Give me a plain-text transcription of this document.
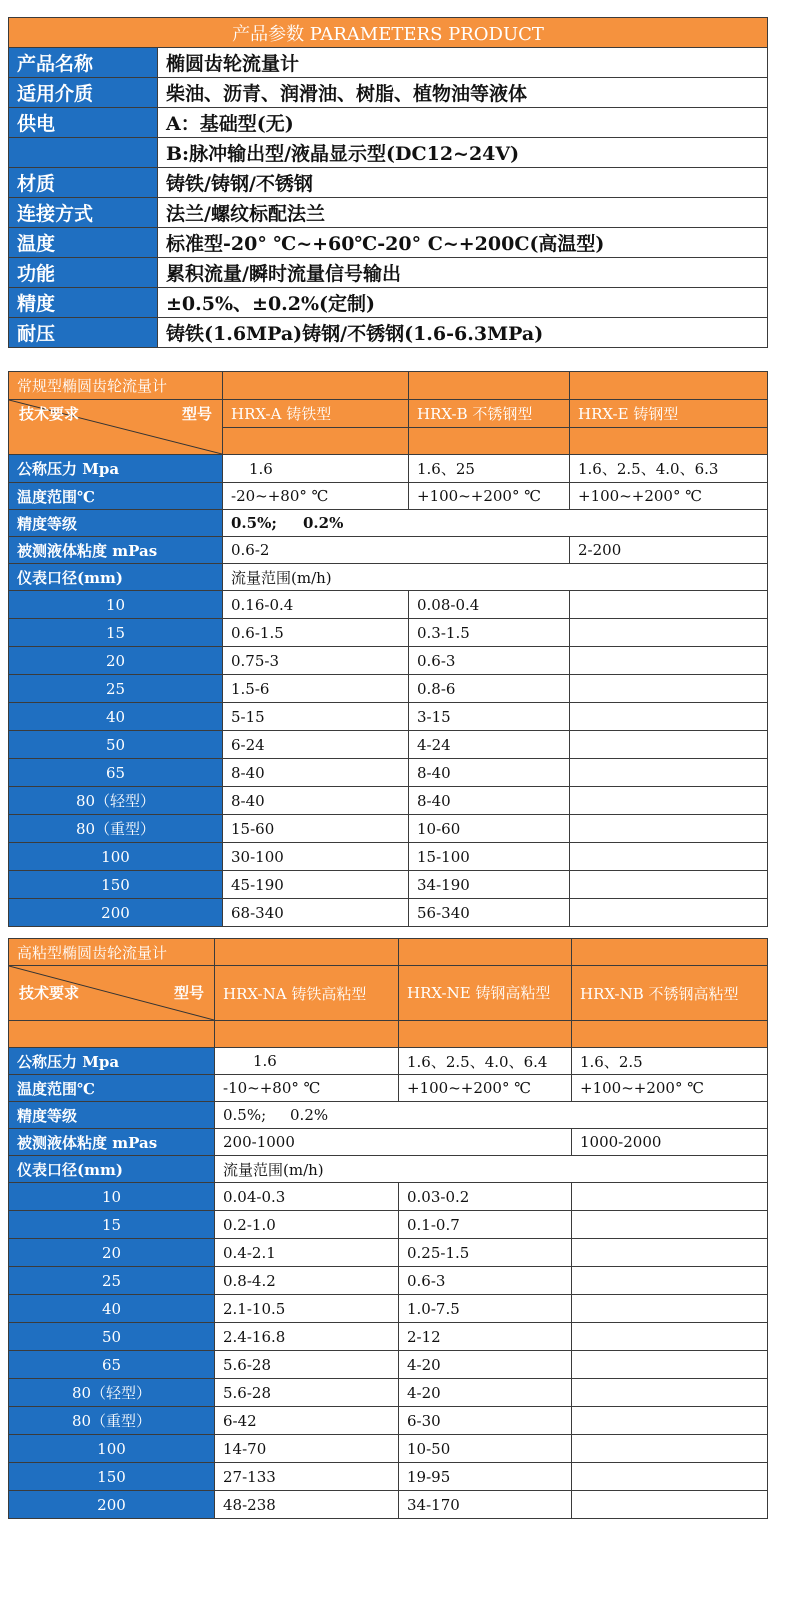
产品参数 PARAMETERS PRODUCT	
产品名称	椭圆齿轮流量计
适用介质	柴油、沥青、润滑油、树脂、植物油等液体
供电	A：基础型(无)
	B:脉冲输出型/液晶显示型(DC12~24V)
材质	铸铁/铸钢/不锈钢
连接方式	法兰/螺纹标配法兰
温度	标准型-20° ℃~+60℃-20° C~+200C(高温型)
功能	累积流量/瞬时流量信号输出
精度	±0.5%、±0.2%(定制)
耐压	铸铁(1.6MPa)铸钢/不锈钢(1.6-6.3MPa)
常规型椭圆齿轮流量计			

技术要求 型号	HRX-A 铸铁型	HRX-B 不锈钢型	HRX-E 铸钢型

公称压力 Mpa	1.6	1.6、25	1.6、2.5、4.0、6.3
温度范围℃	-20~+80° ℃	+100~+200° ℃	+100~+200° ℃
精度等级	0.5%;     0.2%		
被测液体粘度 mPas	0.6-2		2-200
仪表口径(mm)	流量范围(m/h)		
10	0.16-0.4	0.08-0.4	
15	0.6-1.5	0.3-1.5	
20	0.75-3	0.6-3	
25	1.5-6	0.8-6	
40	5-15	3-15	
50	6-24	4-24	
65	8-40	8-40	
80（轻型）	8-40	8-40	
80（重型）	15-60	10-60	
100	30-100	15-100	
150	45-190	34-190	
200	68-340	56-340	
高粘型椭圆齿轮流量计			

技术要求 型号	HRX-NA 铸铁高粘型	HRX-NE 铸钢高粘型	HRX-NB 不锈钢高粘型

公称压力 Mpa	1.6	1.6、2.5、4.0、6.4	1.6、2.5
温度范围℃	-10~+80° ℃	+100~+200° ℃	+100~+200° ℃
精度等级	0.5%;     0.2%		
被测液体粘度 mPas	200-1000		1000-2000
仪表口径(mm)	流量范围(m/h)		
10	0.04-0.3	0.03-0.2	
15	0.2-1.0	0.1-0.7	
20	0.4-2.1	0.25-1.5	
25	0.8-4.2	0.6-3	
40	2.1-10.5	1.0-7.5	
50	2.4-16.8	2-12	
65	5.6-28	4-20	
80（轻型）	5.6-28	4-20	
80（重型）	6-42	6-30	
100	14-70	10-50	
150	27-133	19-95	
200	48-238	34-170	
